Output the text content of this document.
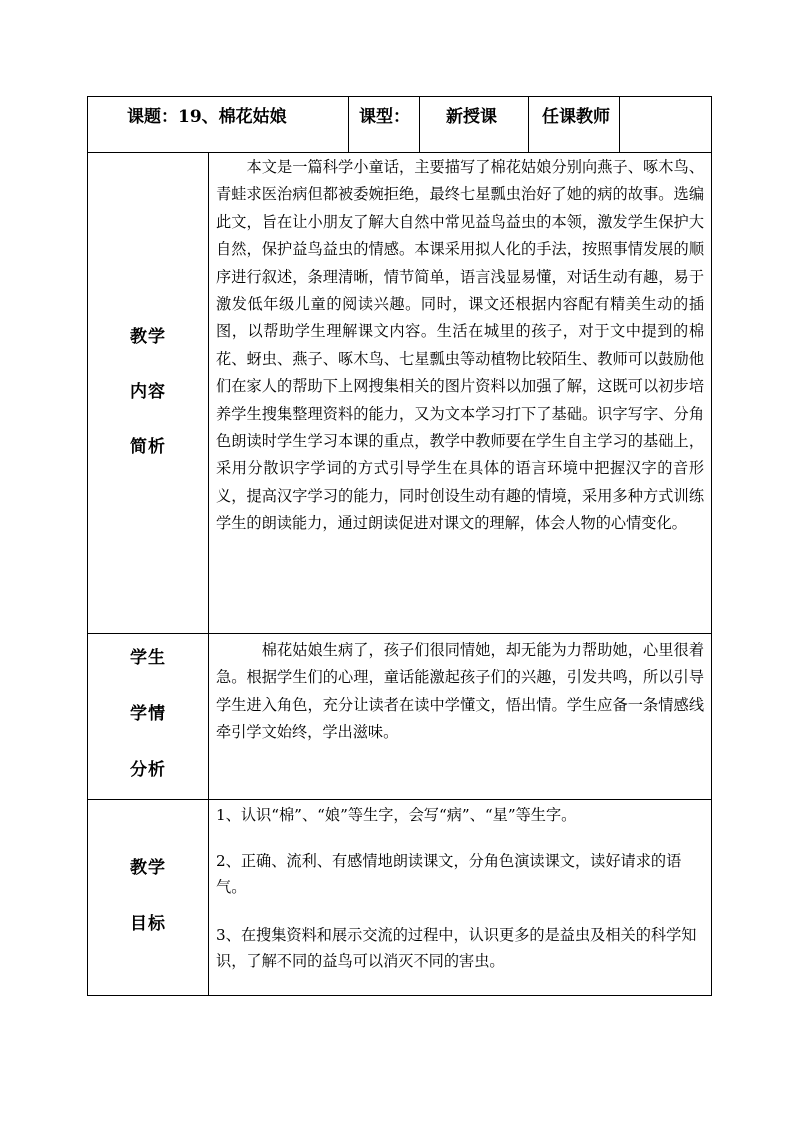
课题：19、棉花姑娘	课型： 新授课	任课教师
教学
内容
简析
　　本文是一篇科学小童话，主要描写了棉花姑娘分别向燕子、啄木鸟、青蛙求医治病但都被委婉拒绝，最终七星瓢虫治好了她的病的故事。选编此文，旨在让小朋友了解大自然中常见益鸟益虫的本领，激发学生保护大自然，保护益鸟益虫的情感。本课采用拟人化的手法，按照事情发展的顺序进行叙述，条理清晰，情节简单，语言浅显易懂，对话生动有趣，易于激发低年级儿童的阅读兴趣。同时，课文还根据内容配有精美生动的插图，以帮助学生理解课文内容。生活在城里的孩子，对于文中提到的棉花、蚜虫、燕子、啄木鸟、七星瓢虫等动植物比较陌生、教师可以鼓励他们在家人的帮助下上网搜集相关的图片资料以加强了解，这既可以初步培养学生搜集整理资料的能力，又为文本学习打下了基础。识字写字、分角色朗读时学生学习本课的重点，教学中教师要在学生自主学习的基础上，采用分散识字学词的方式引导学生在具体的语言环境中把握汉字的音形义，提高汉字学习的能力，同时创设生动有趣的情境，采用多种方式训练学生的朗读能力，通过朗读促进对课文的理解，体会人物的心情变化。
学生
学情
分析
　　　棉花姑娘生病了，孩子们很同情她，却无能为力帮助她，心里很着急。根据学生们的心理，童话能激起孩子们的兴趣，引发共鸣，所以引导学生进入角色，充分让读者在读中学懂文，悟出情。学生应备一条情感线牵引学文始终，学出滋味。
教学
目标
1、认识“棉”、“娘”等生字，会写“病”、“星”等生字。
2、正确、流利、有感情地朗读课文，分角色演读课文，读好请求的语气。
3、在搜集资料和展示交流的过程中，认识更多的是益虫及相关的科学知识，了解不同的益鸟可以消灭不同的害虫。
